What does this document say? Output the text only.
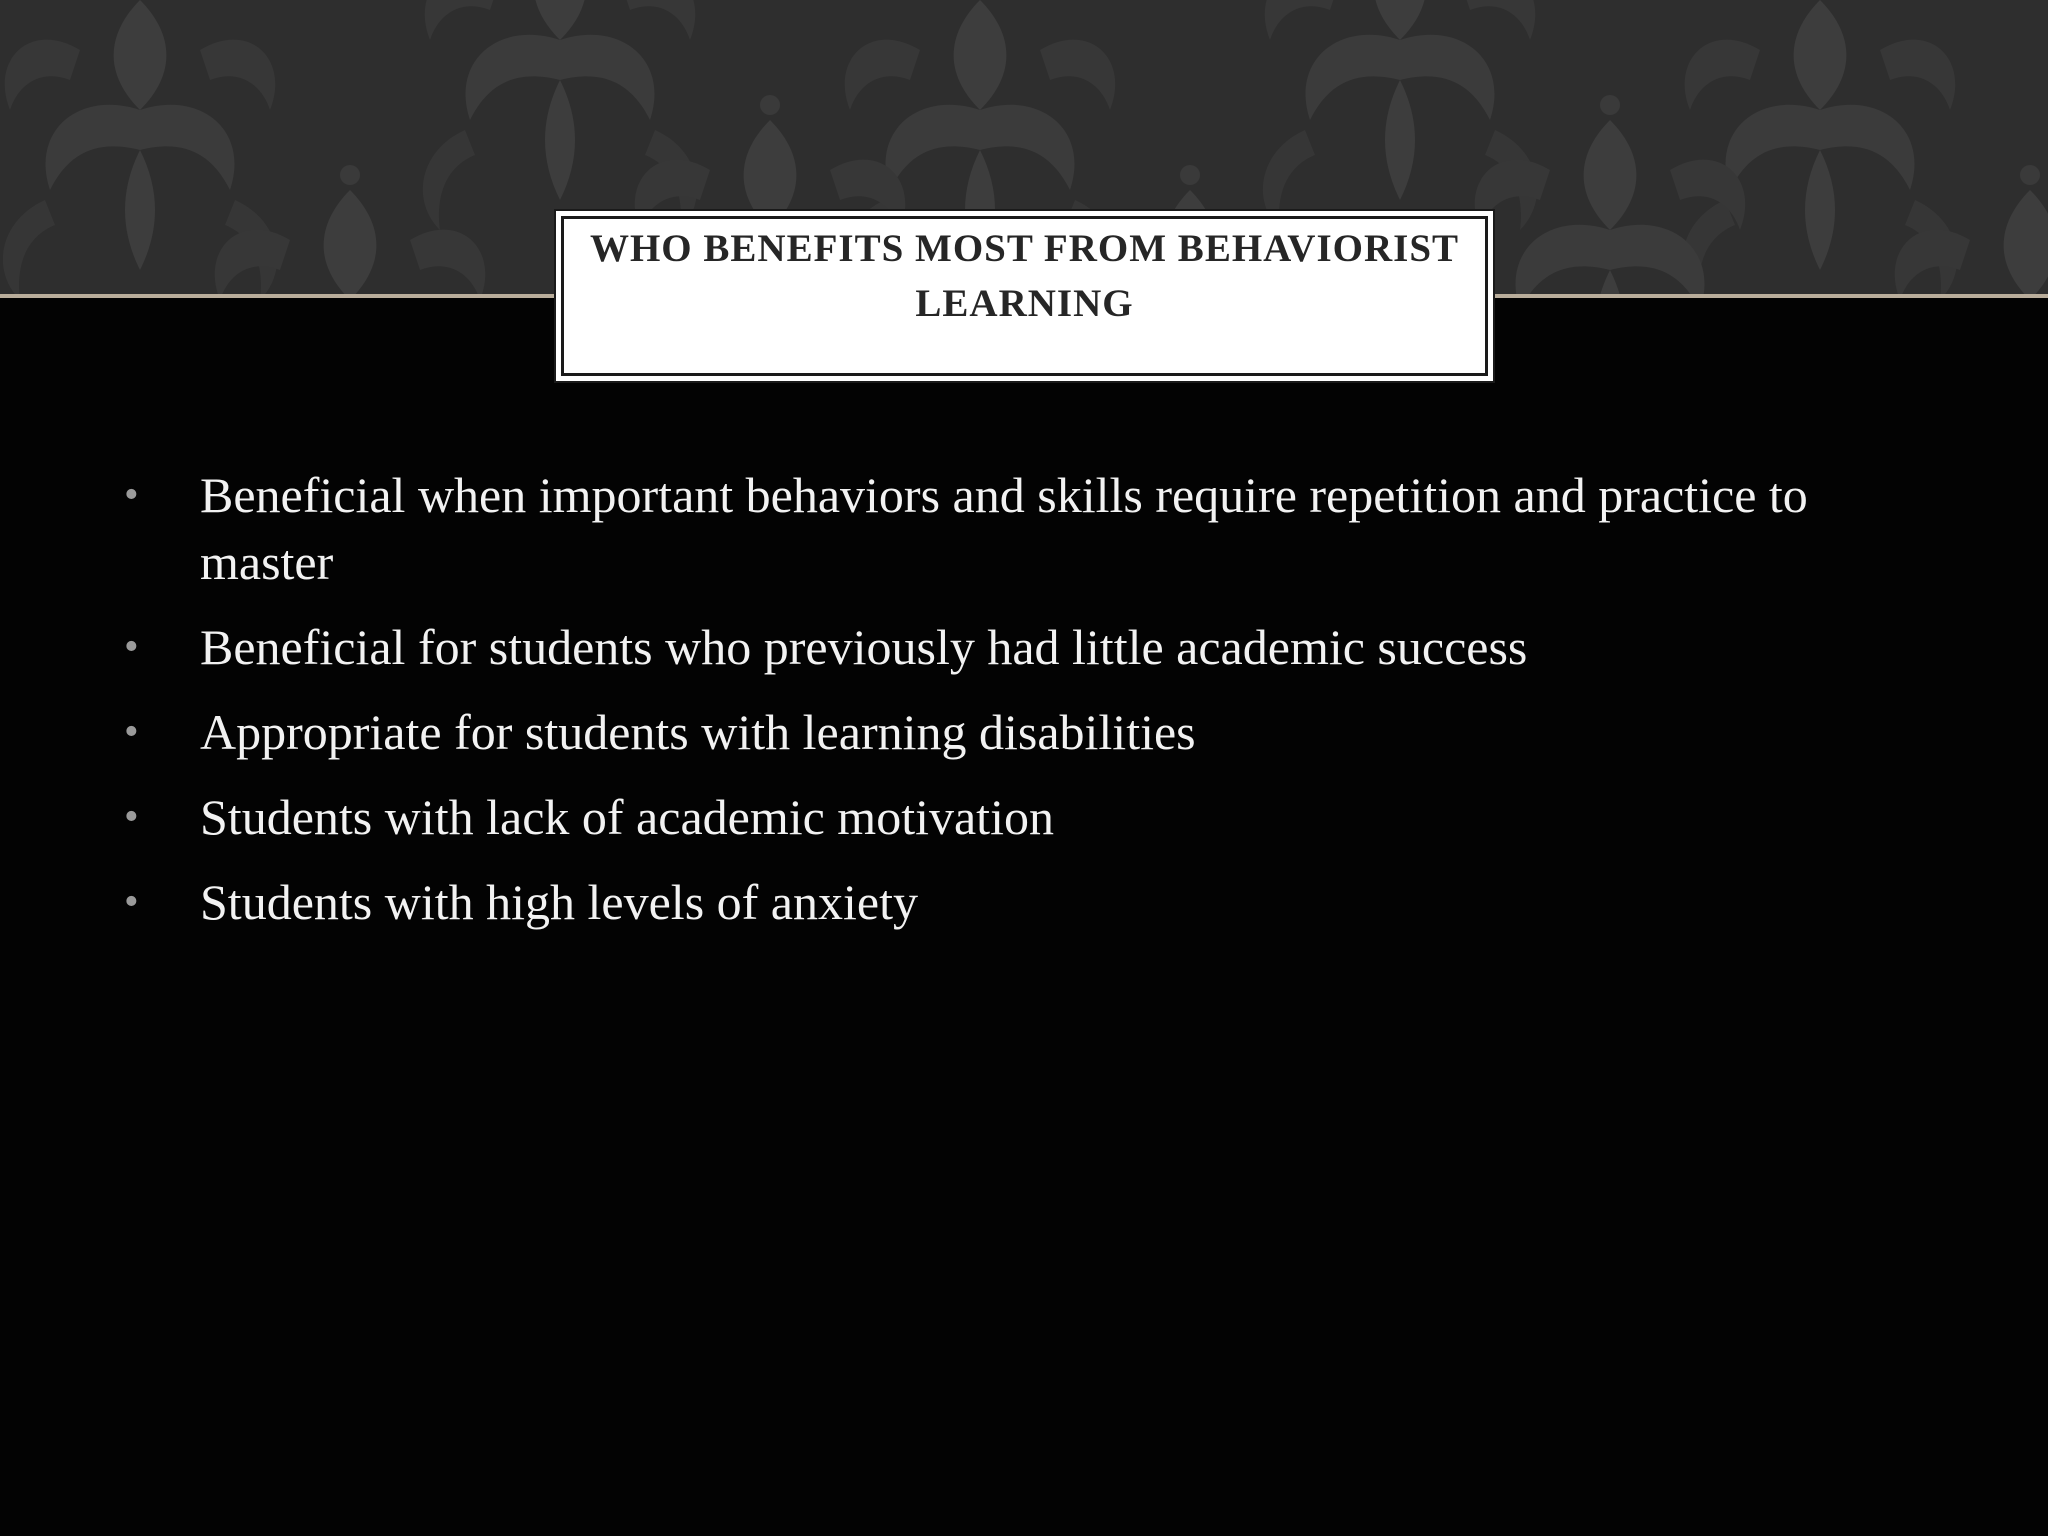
WHO BENEFITS MOST FROM BEHAVIORIST LEARNING
• Beneficial when important behaviors and skills require repetition and practice to master
• Beneficial for students who previously had little academic success
• Appropriate for students with learning disabilities
• Students with lack of academic motivation
• Students with high levels of anxiety
